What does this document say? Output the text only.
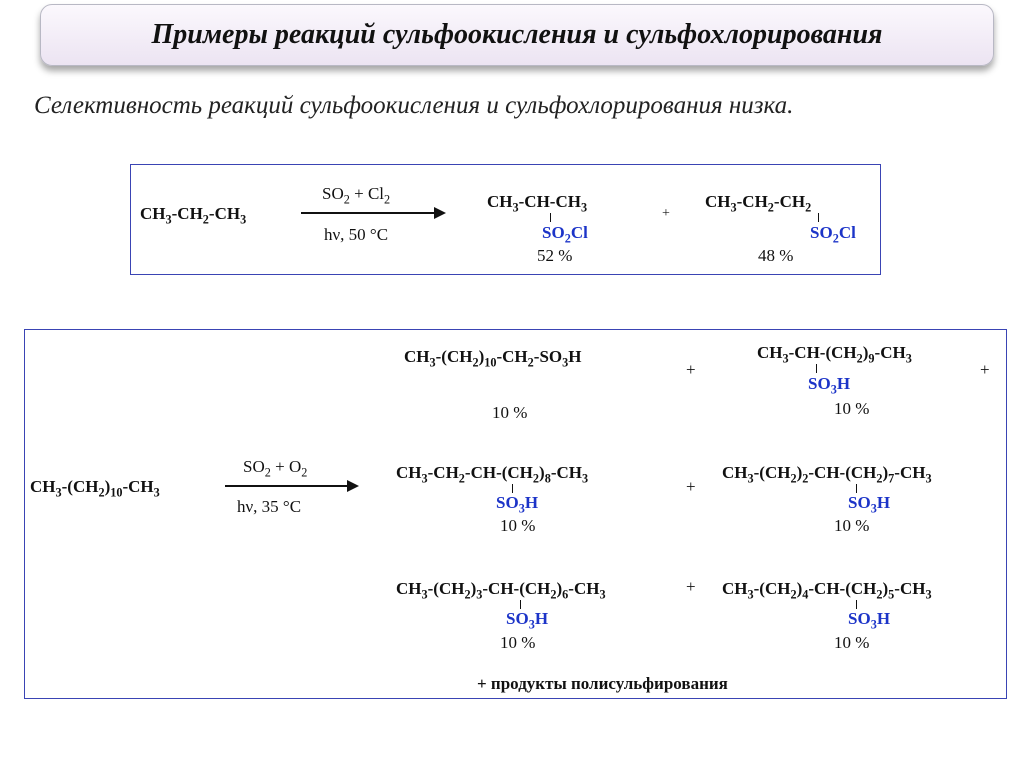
Примеры реакций сульфоокисления и сульфохлорирования

Селективность реакций сульфоокисления и сульфохлорирования низка.

$CH_3-CH_2-CH_3$
$SO_2 + Cl_2$
hν, 50 °C
$CH_3-CH-CH_3$
$SO_2Cl$
52 %
+
$CH_3-CH_2-CH_2$
$SO_2Cl$
48 %
$CH_3-(CH_2)_{10}-CH_3$
$SO_2 + O_2$
hν, 35 °C
$CH_3-(CH_2)_{10}-CH_2-SO_3H$
10 %
+
$CH_3-CH-(CH_2)_9-CH_3$
$SO_3H$
10 %
+
$CH_3-CH_2-CH-(CH_2)_8-CH_3$
$SO_3H$
10 %
+
$CH_3-(CH_2)_2-CH-(CH_2)_7-CH_3$
$SO_3H$
10 %
$CH_3-(CH_2)_3-CH-(CH_2)_6-CH_3$
$SO_3H$
10 %
+ $CH_3-(CH_2)_4-CH-(CH_2)_5-CH_3$
$SO_3H$
10 %
+ продукты полисульфирования
